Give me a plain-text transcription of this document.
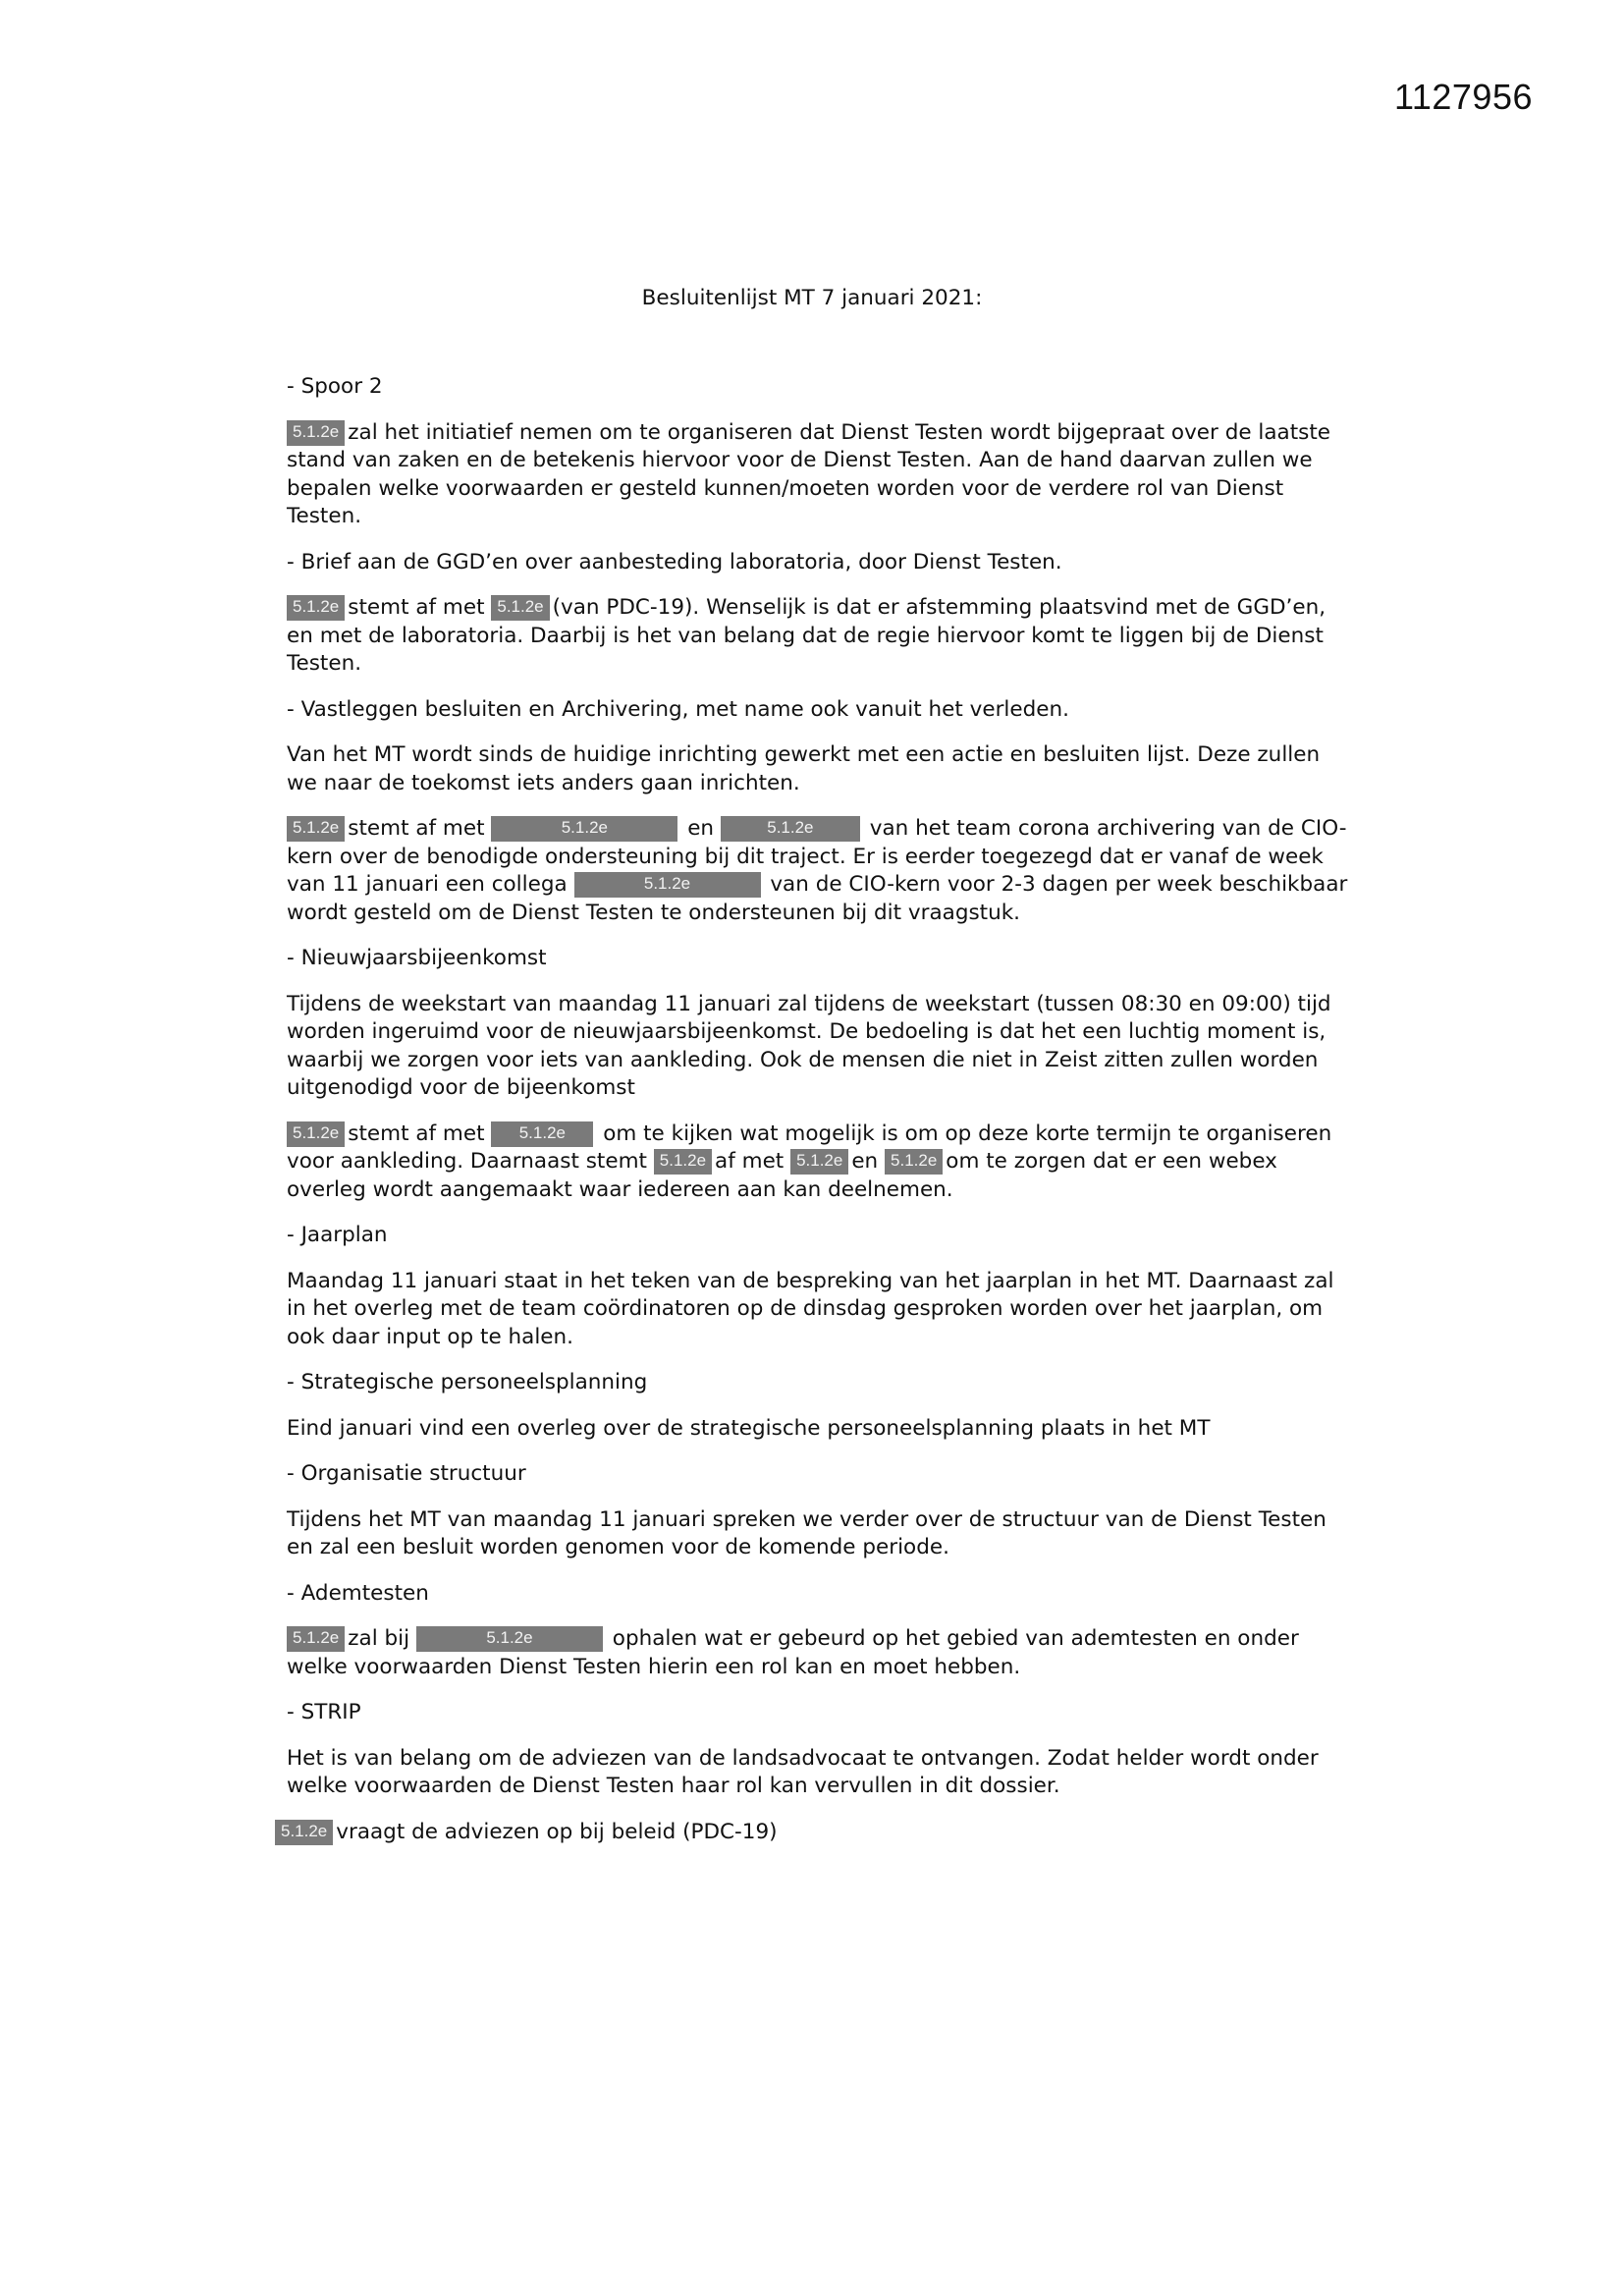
1127956
Besluitenlijst MT 7 januari 2021:
- Spoor 2
5.1.2e zal het initiatief nemen om te organiseren dat Dienst Testen wordt bijgepraat over de laatste stand van zaken en de betekenis hiervoor voor de Dienst Testen. Aan de hand daarvan zullen we bepalen welke voorwaarden er gesteld kunnen/moeten worden voor de verdere rol van Dienst Testen.
- Brief aan de GGD’en over aanbesteding laboratoria, door Dienst Testen.
5.1.2e stemt af met 5.1.2e (van PDC-19). Wenselijk is dat er afstemming plaatsvind met de GGD’en, en met de laboratoria. Daarbij is het van belang dat de regie hiervoor komt te liggen bij de Dienst Testen.
- Vastleggen besluiten en Archivering, met name ook vanuit het verleden.
Van het MT wordt sinds de huidige inrichting gewerkt met een actie en besluiten lijst. Deze zullen we naar de toekomst iets anders gaan inrichten.
5.1.2e stemt af met	5.1.2e	en	5.1.2e van het team corona archivering van de CIO-kern over de benodigde ondersteuning bij dit traject. Er is eerder toegezegd dat er vanaf de week van 11 januari een collega	5.1.2e	van de CIO-kern voor 2-3 dagen per week beschikbaar wordt gesteld om de Dienst Testen te ondersteunen bij dit vraagstuk.
- Nieuwjaarsbijeenkomst
Tijdens de weekstart van maandag 11 januari zal tijdens de weekstart (tussen 08:30 en 09:00) tijd worden ingeruimd voor de nieuwjaarsbijeenkomst. De bedoeling is dat het een luchtig moment is, waarbij we zorgen voor iets van aankleding. Ook de mensen die niet in Zeist zitten zullen worden uitgenodigd voor de bijeenkomst
5.1.2e stemt af met 5.1.2e om te kijken wat mogelijk is om op deze korte termijn te organiseren voor aankleding. Daarnaast stemt 5.1.2e af met 5.1.2e en 5.1.2e om te zorgen dat er een webex overleg wordt aangemaakt waar iedereen aan kan deelnemen.
- Jaarplan
Maandag 11 januari staat in het teken van de bespreking van het jaarplan in het MT. Daarnaast zal in het overleg met de team coördinatoren op de dinsdag gesproken worden over het jaarplan, om ook daar input op te halen.
- Strategische personeelsplanning
Eind januari vind een overleg over de strategische personeelsplanning plaats in het MT
- Organisatie structuur
Tijdens het MT van maandag 11 januari spreken we verder over de structuur van de Dienst Testen en zal een besluit worden genomen voor de komende periode.
- Ademtesten
5.1.2e zal bij	5.1.2e	ophalen wat er gebeurd op het gebied van ademtesten en onder welke voorwaarden Dienst Testen hierin een rol kan en moet hebben.
- STRIP
Het is van belang om de adviezen van de landsadvocaat te ontvangen. Zodat helder wordt onder welke voorwaarden de Dienst Testen haar rol kan vervullen in dit dossier.
5.1.2e vraagt de adviezen op bij beleid (PDC-19)
